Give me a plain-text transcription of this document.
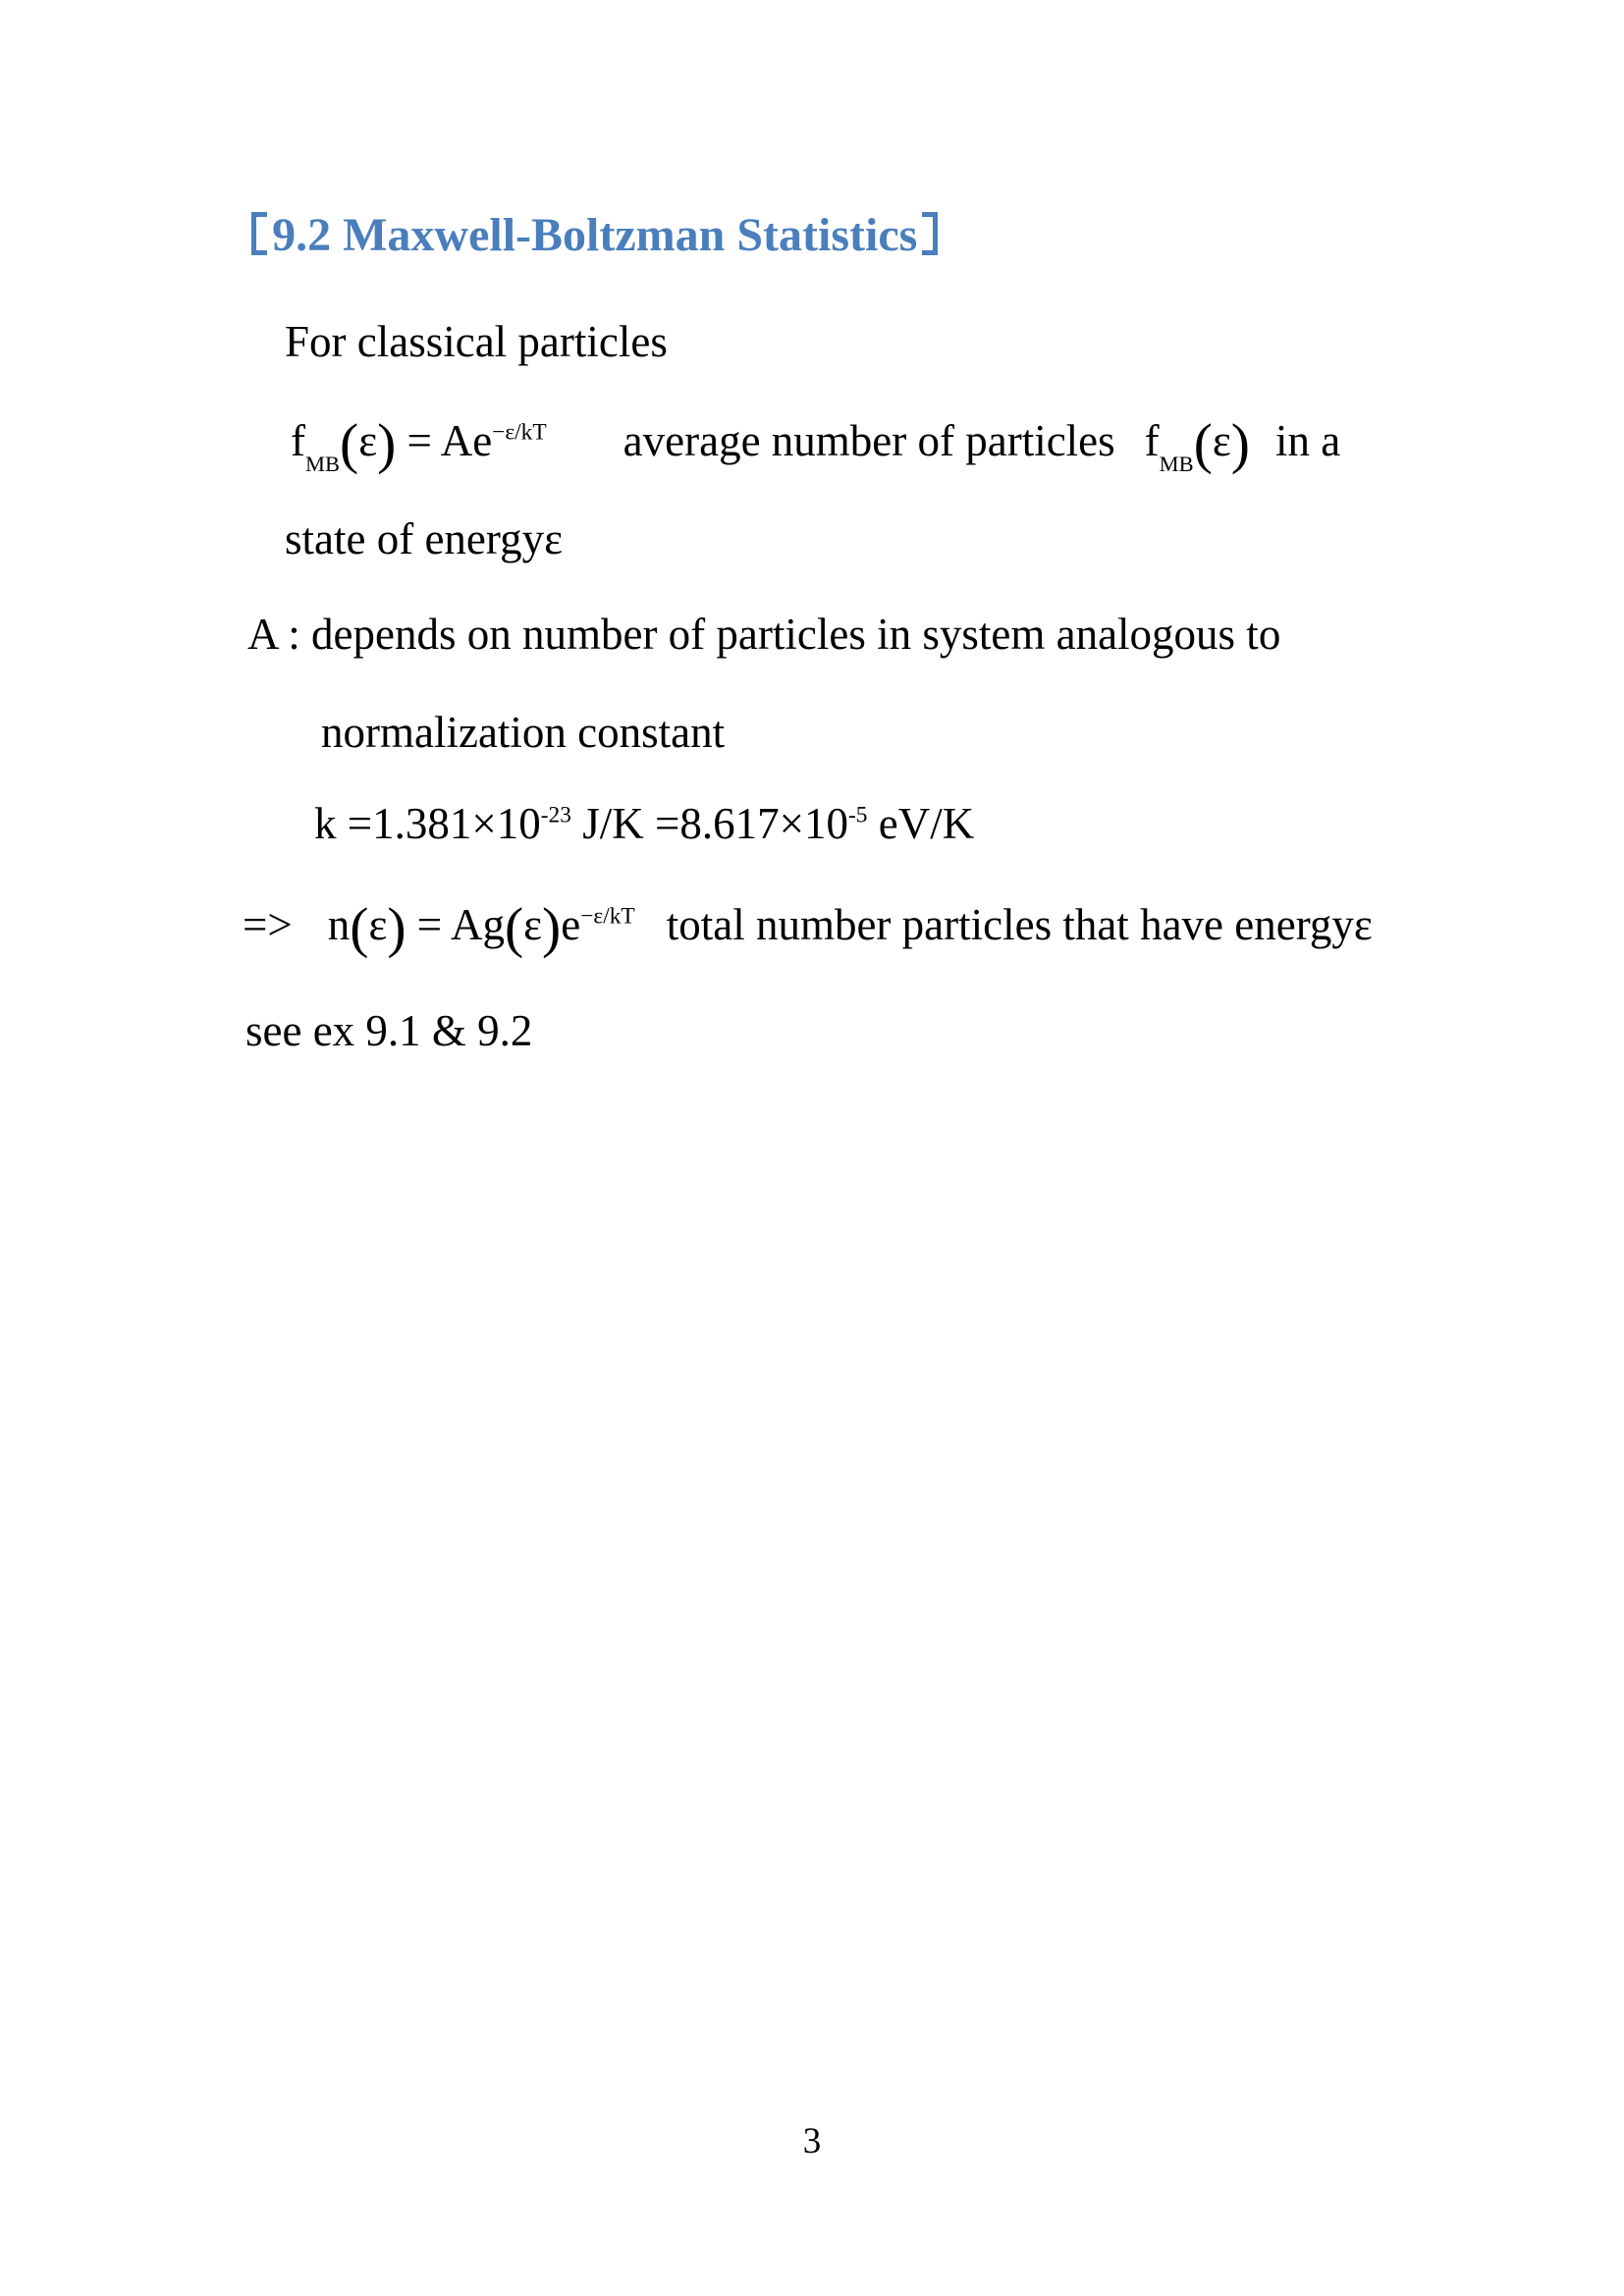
9.2 Maxwell-Boltzman Statistics

For classical particles

$f_{MB}(\varepsilon) = Ae^{-\varepsilon/kT}$ average number of particles $f_{MB}(\varepsilon)$ in a

state of energyε

A : depends on number of particles in system analogous to

normalization constant

$k =1.381\times 10^{-23}$ $J/K =8.617\times 10^{-5}$ eV/K

=> $n(\varepsilon) = Ag(\varepsilon)e^{-\varepsilon/kT}$ total number particles that have energyε

see ex 9.1 & 9.2

3
